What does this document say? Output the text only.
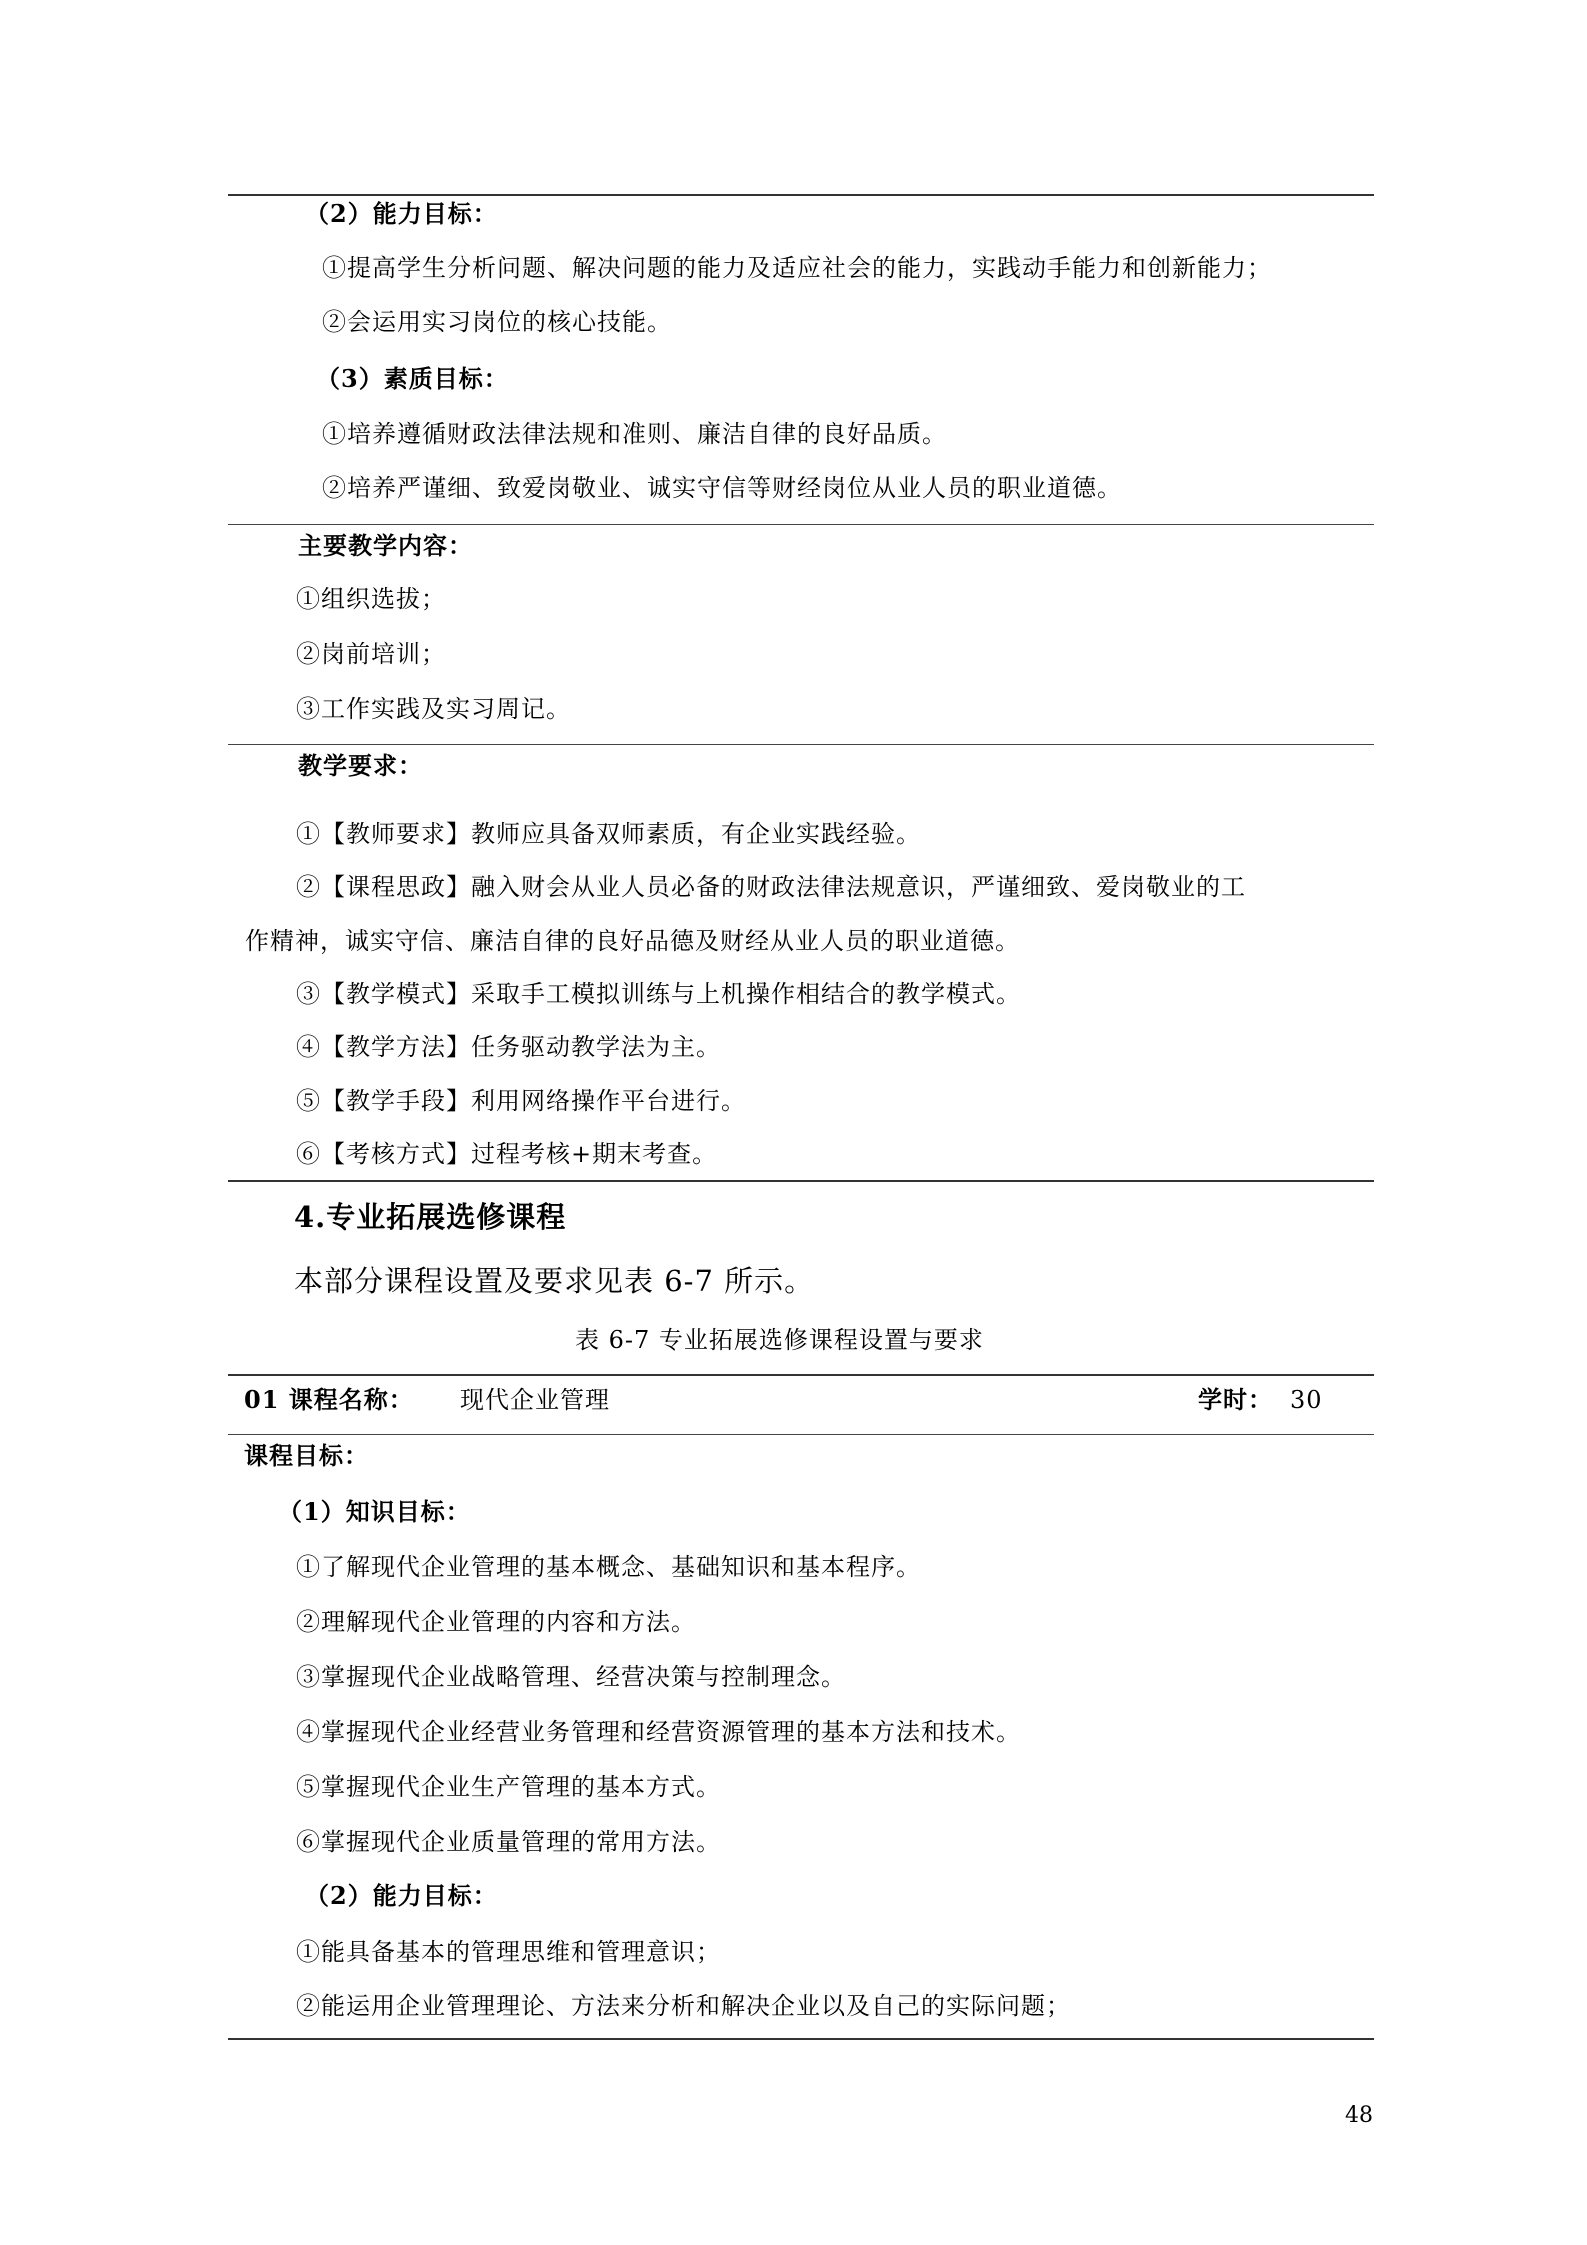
（2）能力目标：
①提高学生分析问题、解决问题的能力及适应社会的能力，实践动手能力和创新能力；
②会运用实习岗位的核心技能。
（3）素质目标：
①培养遵循财政法律法规和准则、廉洁自律的良好品质。
②培养严谨细、致爱岗敬业、诚实守信等财经岗位从业人员的职业道德。
主要教学内容：
①组织选拔；
②岗前培训；
③工作实践及实习周记。
教学要求：
①【教师要求】教师应具备双师素质，有企业实践经验。
②【课程思政】融入财会从业人员必备的财政法律法规意识，严谨细致、爱岗敬业的工
作精神，诚实守信、廉洁自律的良好品德及财经从业人员的职业道德。
③【教学模式】采取手工模拟训练与上机操作相结合的教学模式。
④【教学方法】任务驱动教学法为主。
⑤【教学手段】利用网络操作平台进行。
⑥【考核方式】过程考核+期末考查。
4.专业拓展选修课程
本部分课程设置及要求见表 6-7 所示。
表 6-7 专业拓展选修课程设置与要求
01 课程名称： 现代企业管理	学时： 30
课程目标：
（1）知识目标：
①了解现代企业管理的基本概念、基础知识和基本程序。
②理解现代企业管理的内容和方法。
③掌握现代企业战略管理、经营决策与控制理念。
④掌握现代企业经营业务管理和经营资源管理的基本方法和技术。
⑤掌握现代企业生产管理的基本方式。
⑥掌握现代企业质量管理的常用方法。
（2）能力目标：
①能具备基本的管理思维和管理意识；
②能运用企业管理理论、方法来分析和解决企业以及自己的实际问题；
48
